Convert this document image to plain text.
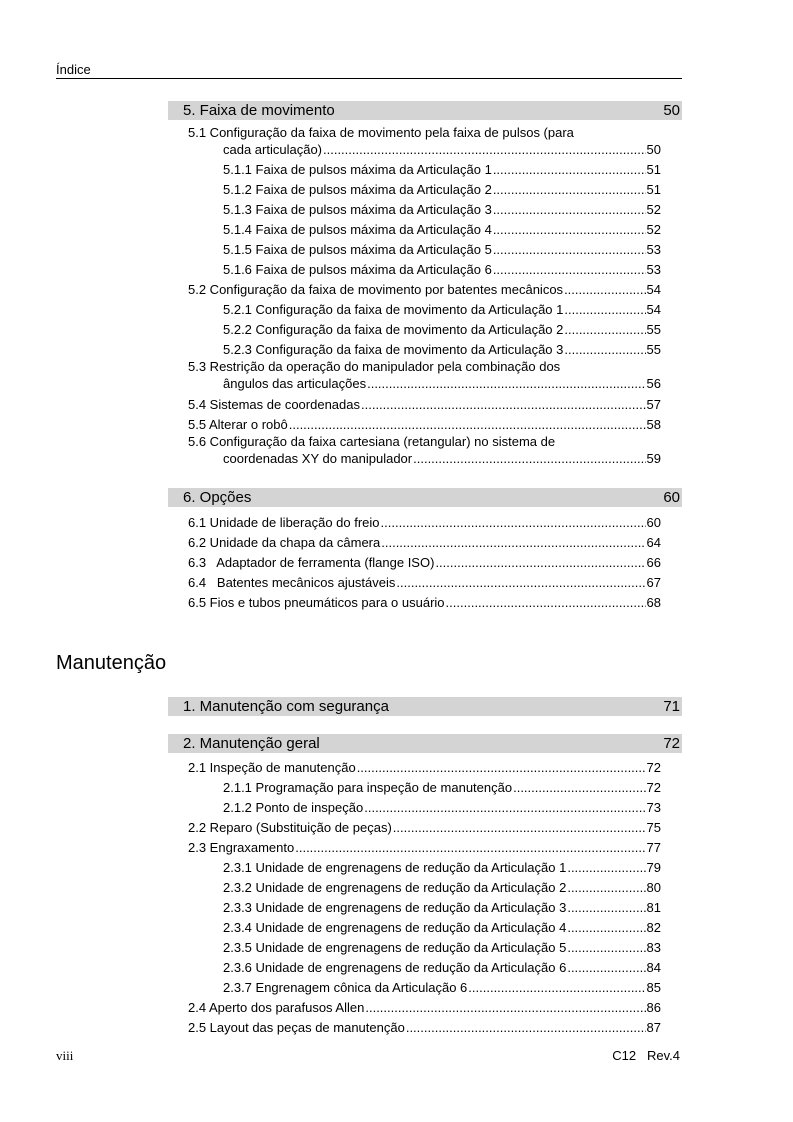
Índice
5. Faixa de movimento	50
5.1 Configuração da faixa de movimento pela faixa de pulsos (para
cada articulação) .....	50
5.1.1 Faixa de pulsos máxima da Articulação 1 .....	51
5.1.2 Faixa de pulsos máxima da Articulação 2 .....	51
5.1.3 Faixa de pulsos máxima da Articulação 3 .....	52
5.1.4 Faixa de pulsos máxima da Articulação 4 .....	52
5.1.5 Faixa de pulsos máxima da Articulação 5 .....	53
5.1.6 Faixa de pulsos máxima da Articulação 6 .....	53
5.2 Configuração da faixa de movimento por batentes mecânicos .....	54
5.2.1 Configuração da faixa de movimento da Articulação 1 .....	54
5.2.2 Configuração da faixa de movimento da Articulação 2 .....	55
5.2.3 Configuração da faixa de movimento da Articulação 3 .....	55
5.3 Restrição da operação do manipulador pela combinação dos
ângulos das articulações .....	56
5.4 Sistemas de coordenadas .....	57
5.5 Alterar o robô .....	58
5.6 Configuração da faixa cartesiana (retangular) no sistema de
coordenadas XY do manipulador .....	59
6. Opções	60
6.1 Unidade de liberação do freio .....	60
6.2 Unidade da chapa da câmera .....	64
6.3   Adaptador de ferramenta (flange ISO) .....	66
6.4   Batentes mecânicos ajustáveis .....	67
6.5 Fios e tubos pneumáticos para o usuário .....	68
Manutenção
1. Manutenção com segurança	71
2. Manutenção geral	72
2.1 Inspeção de manutenção .....	72
2.1.1 Programação para inspeção de manutenção .....	72
2.1.2 Ponto de inspeção .....	73
2.2 Reparo (Substituição de peças) .....	75
2.3 Engraxamento .....	77
2.3.1 Unidade de engrenagens de redução da Articulação 1 .....	79
2.3.2 Unidade de engrenagens de redução da Articulação 2 .....	80
2.3.3 Unidade de engrenagens de redução da Articulação 3 .....	81
2.3.4 Unidade de engrenagens de redução da Articulação 4 .....	82
2.3.5 Unidade de engrenagens de redução da Articulação 5 .....	83
2.3.6 Unidade de engrenagens de redução da Articulação 6 .....	84
2.3.7 Engrenagem cônica da Articulação 6 .....	85
2.4 Aperto dos parafusos Allen .....	86
2.5 Layout das peças de manutenção .....	87
viii	C12 Rev.4
